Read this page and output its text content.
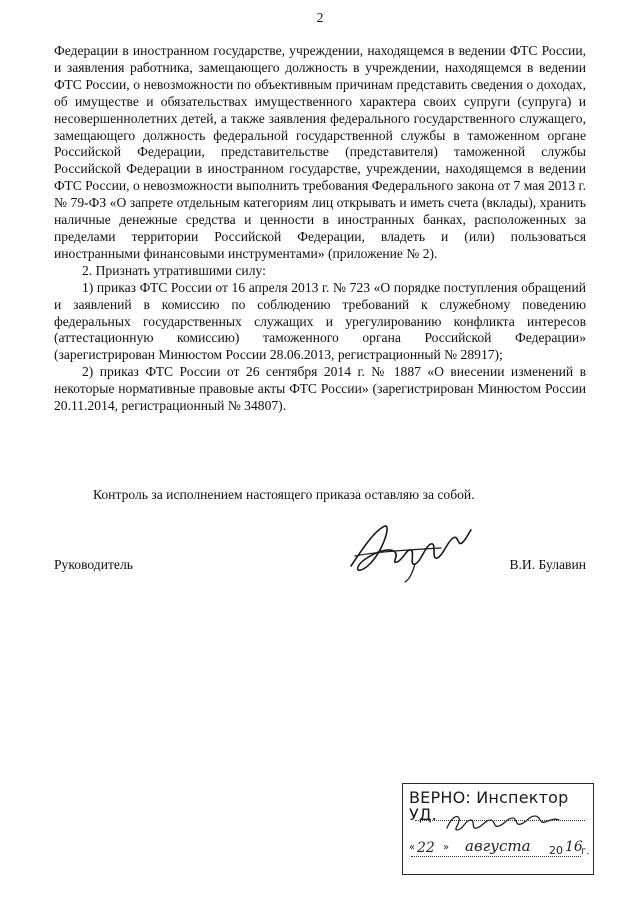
2

Федерации в иностранном государстве, учреждении, находящемся в ведении ФТС России, и заявления работника, замещающего должность в учреждении, находящемся в ведении ФТС России, о невозможности по объективным причинам представить сведения о доходах, об имуществе и обязательствах имущественного характера своих супруги (супруга) и несовершеннолетних детей, а также заявления федерального государственного служащего, замещающего должность федеральной государственной службы в таможенном органе Российской Федерации, представительстве (представителя) таможенной службы Российской Федерации в иностранном государстве, учреждении, находящемся в ведении ФТС России, о невозможности выполнить требования Федерального закона от 7 мая 2013 г. № 79-ФЗ «О запрете отдельным категориям лиц открывать и иметь счета (вклады), хранить наличные денежные средства и ценности в иностранных банках, расположенных за пределами территории Российской Федерации, владеть и (или) пользоваться иностранными финансовыми инструментами» (приложение № 2).

2. Признать утратившими силу:

1) приказ ФТС России от 16 апреля 2013 г. № 723 «О порядке поступления обращений и заявлений в комиссию по соблюдению требований к служебному поведению федеральных государственных служащих и урегулированию конфликта интересов (аттестационную комиссию) таможенного органа Российской Федерации» (зарегистрирован Минюстом России 28.06.2013, регистрационный № 28917);

2) приказ ФТС России от 26 сентября 2014 г. № 1887 «О внесении изменений в некоторые нормативные правовые акты ФТС России» (зарегистрирован Минюстом России 20.11.2014, регистрационный № 34807).

Контроль за исполнением настоящего приказа оставляю за собой.

Руководитель	В.И. Булавин
ВЕРНО: Инспектор УД.
« 22 » августа 20 16
г.
